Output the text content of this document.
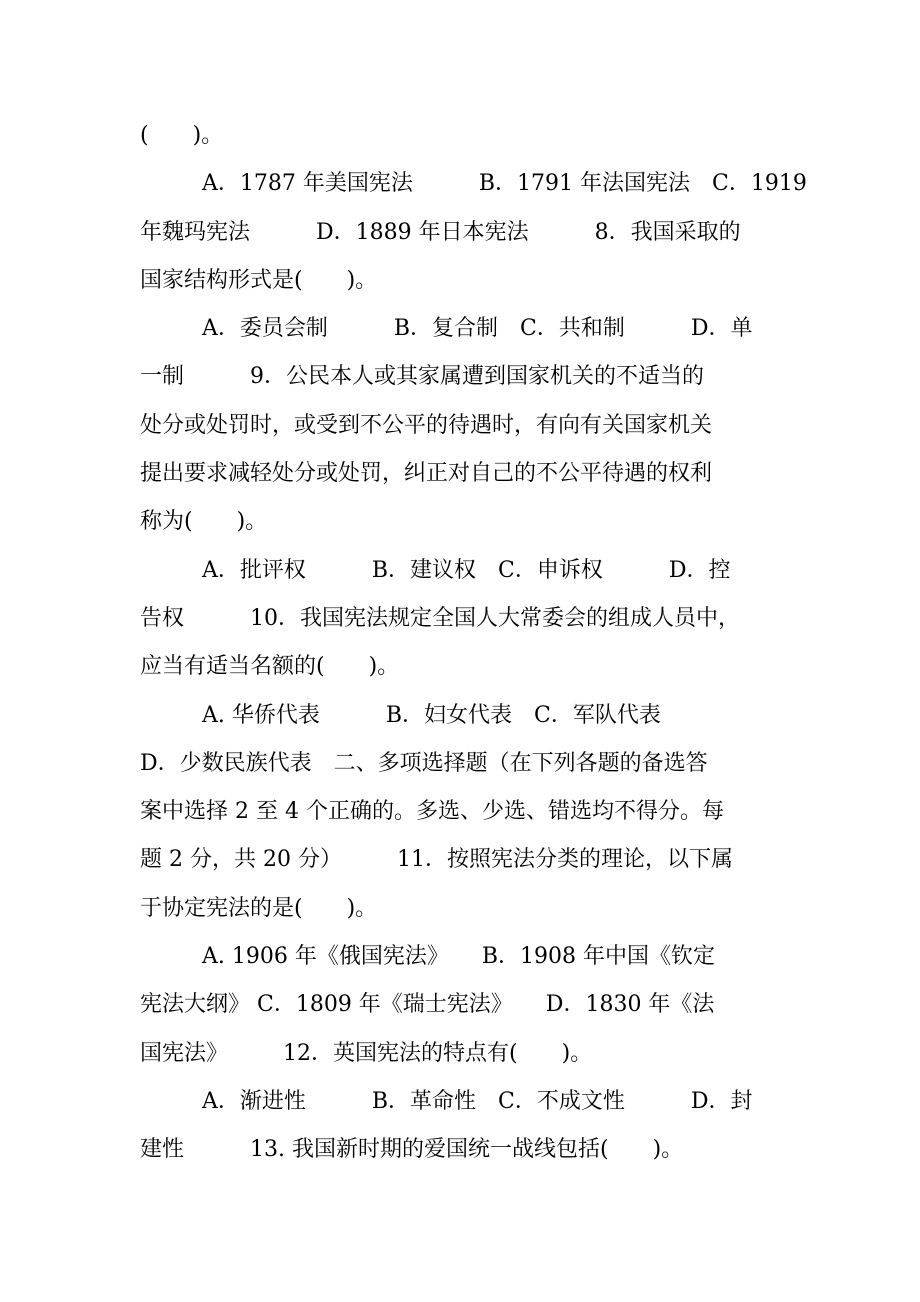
(　　)。
A．1787 年美国宪法　　　B．1791 年法国宪法　C．1919
年魏玛宪法　　　D．1889 年日本宪法　　　8．我国采取的
国家结构形式是(　　)。
A．委员会制　　　B．复合制　C．共和制　　　D．单
一制　　　9．公民本人或其家属遭到国家机关的不适当的
处分或处罚时，或受到不公平的待遇时，有向有关国家机关
提出要求减轻处分或处罚，纠正对自己的不公平待遇的权利
称为(　　)。
A．批评权　　　B．建议权　C．申诉权　　　D．控
告权　　　10．我国宪法规定全国人大常委会的组成人员中，
应当有适当名额的(　　)。
A. 华侨代表　　　B．妇女代表　C．军队代表
D．少数民族代表　二、多项选择题（在下列各题的备选答
案中选择 2 至 4 个正确的。多选、少选、错选均不得分。每
题 2 分，共 20 分）　　　11．按照宪法分类的理论，以下属
于协定宪法的是(　　)。
A. 1906 年《俄国宪法》　　B．1908 年中国《钦定
宪法大纲》 C．1809 年《瑞士宪法》　　D．1830 年《法
国宪法》　　　12．英国宪法的特点有(　　)。
A．渐进性　　　B．革命性　C．不成文性　　　D．封
建性　　　13. 我国新时期的爱国统一战线包括(　　)。
